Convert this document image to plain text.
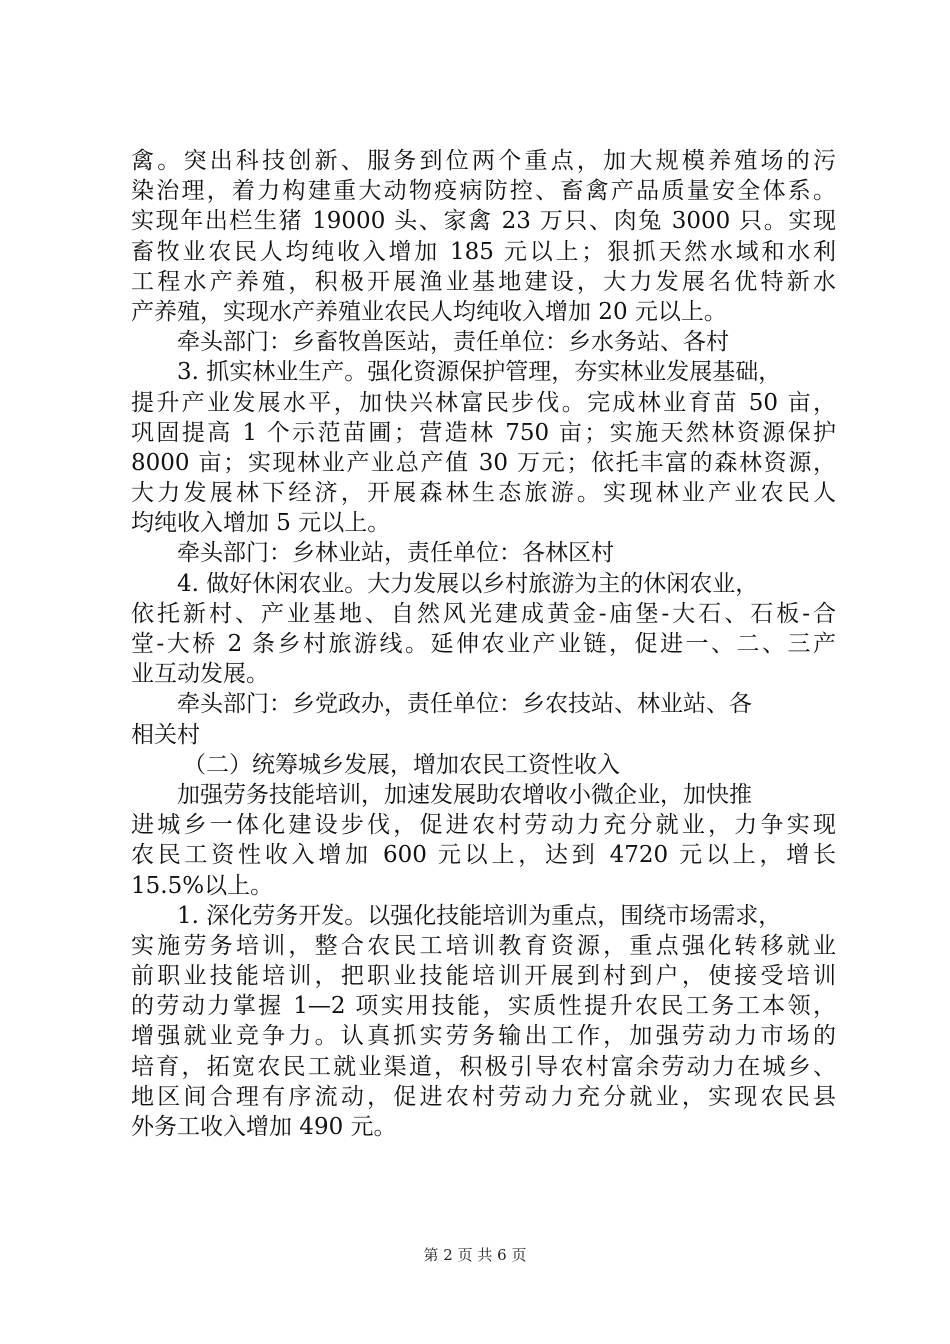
禽。突出科技创新、服务到位两个重点，加大规模养殖场的污
染治理，着力构建重大动物疫病防控、畜禽产品质量安全体系。
实现年出栏生猪 19000 头、家禽 23 万只、肉兔 3000 只。实现
畜牧业农民人均纯收入增加 185 元以上；狠抓天然水域和水利
工程水产养殖，积极开展渔业基地建设，大力发展名优特新水
产养殖，实现水产养殖业农民人均纯收入增加 20 元以上。
牵头部门：乡畜牧兽医站，责任单位：乡水务站、各村
3. 抓实林业生产。强化资源保护管理，夯实林业发展基础，
提升产业发展水平，加快兴林富民步伐。完成林业育苗 50 亩，
巩固提高 1 个示范苗圃；营造林 750 亩；实施天然林资源保护
8000 亩；实现林业产业总产值 30 万元；依托丰富的森林资源，
大力发展林下经济，开展森林生态旅游。实现林业产业农民人
均纯收入增加 5 元以上。
牵头部门：乡林业站，责任单位：各林区村
4. 做好休闲农业。大力发展以乡村旅游为主的休闲农业，
依托新村、产业基地、自然风光建成黄金-庙堡-大石、石板-合
堂-大桥 2 条乡村旅游线。延伸农业产业链，促进一、二、三产
业互动发展。
牵头部门：乡党政办，责任单位：乡农技站、林业站、各
相关村
（二）统筹城乡发展，增加农民工资性收入
加强劳务技能培训，加速发展助农增收小微企业，加快推
进城乡一体化建设步伐，促进农村劳动力充分就业，力争实现
农民工资性收入增加 600 元以上，达到 4720 元以上，增长
15.5%以上。
1. 深化劳务开发。以强化技能培训为重点，围绕市场需求，
实施劳务培训，整合农民工培训教育资源，重点强化转移就业
前职业技能培训，把职业技能培训开展到村到户，使接受培训
的劳动力掌握 1—2 项实用技能，实质性提升农民工务工本领，
增强就业竞争力。认真抓实劳务输出工作，加强劳动力市场的
培育，拓宽农民工就业渠道，积极引导农村富余劳动力在城乡、
地区间合理有序流动，促进农村劳动力充分就业，实现农民县
外务工收入增加 490 元。
第 2 页 共 6 页
